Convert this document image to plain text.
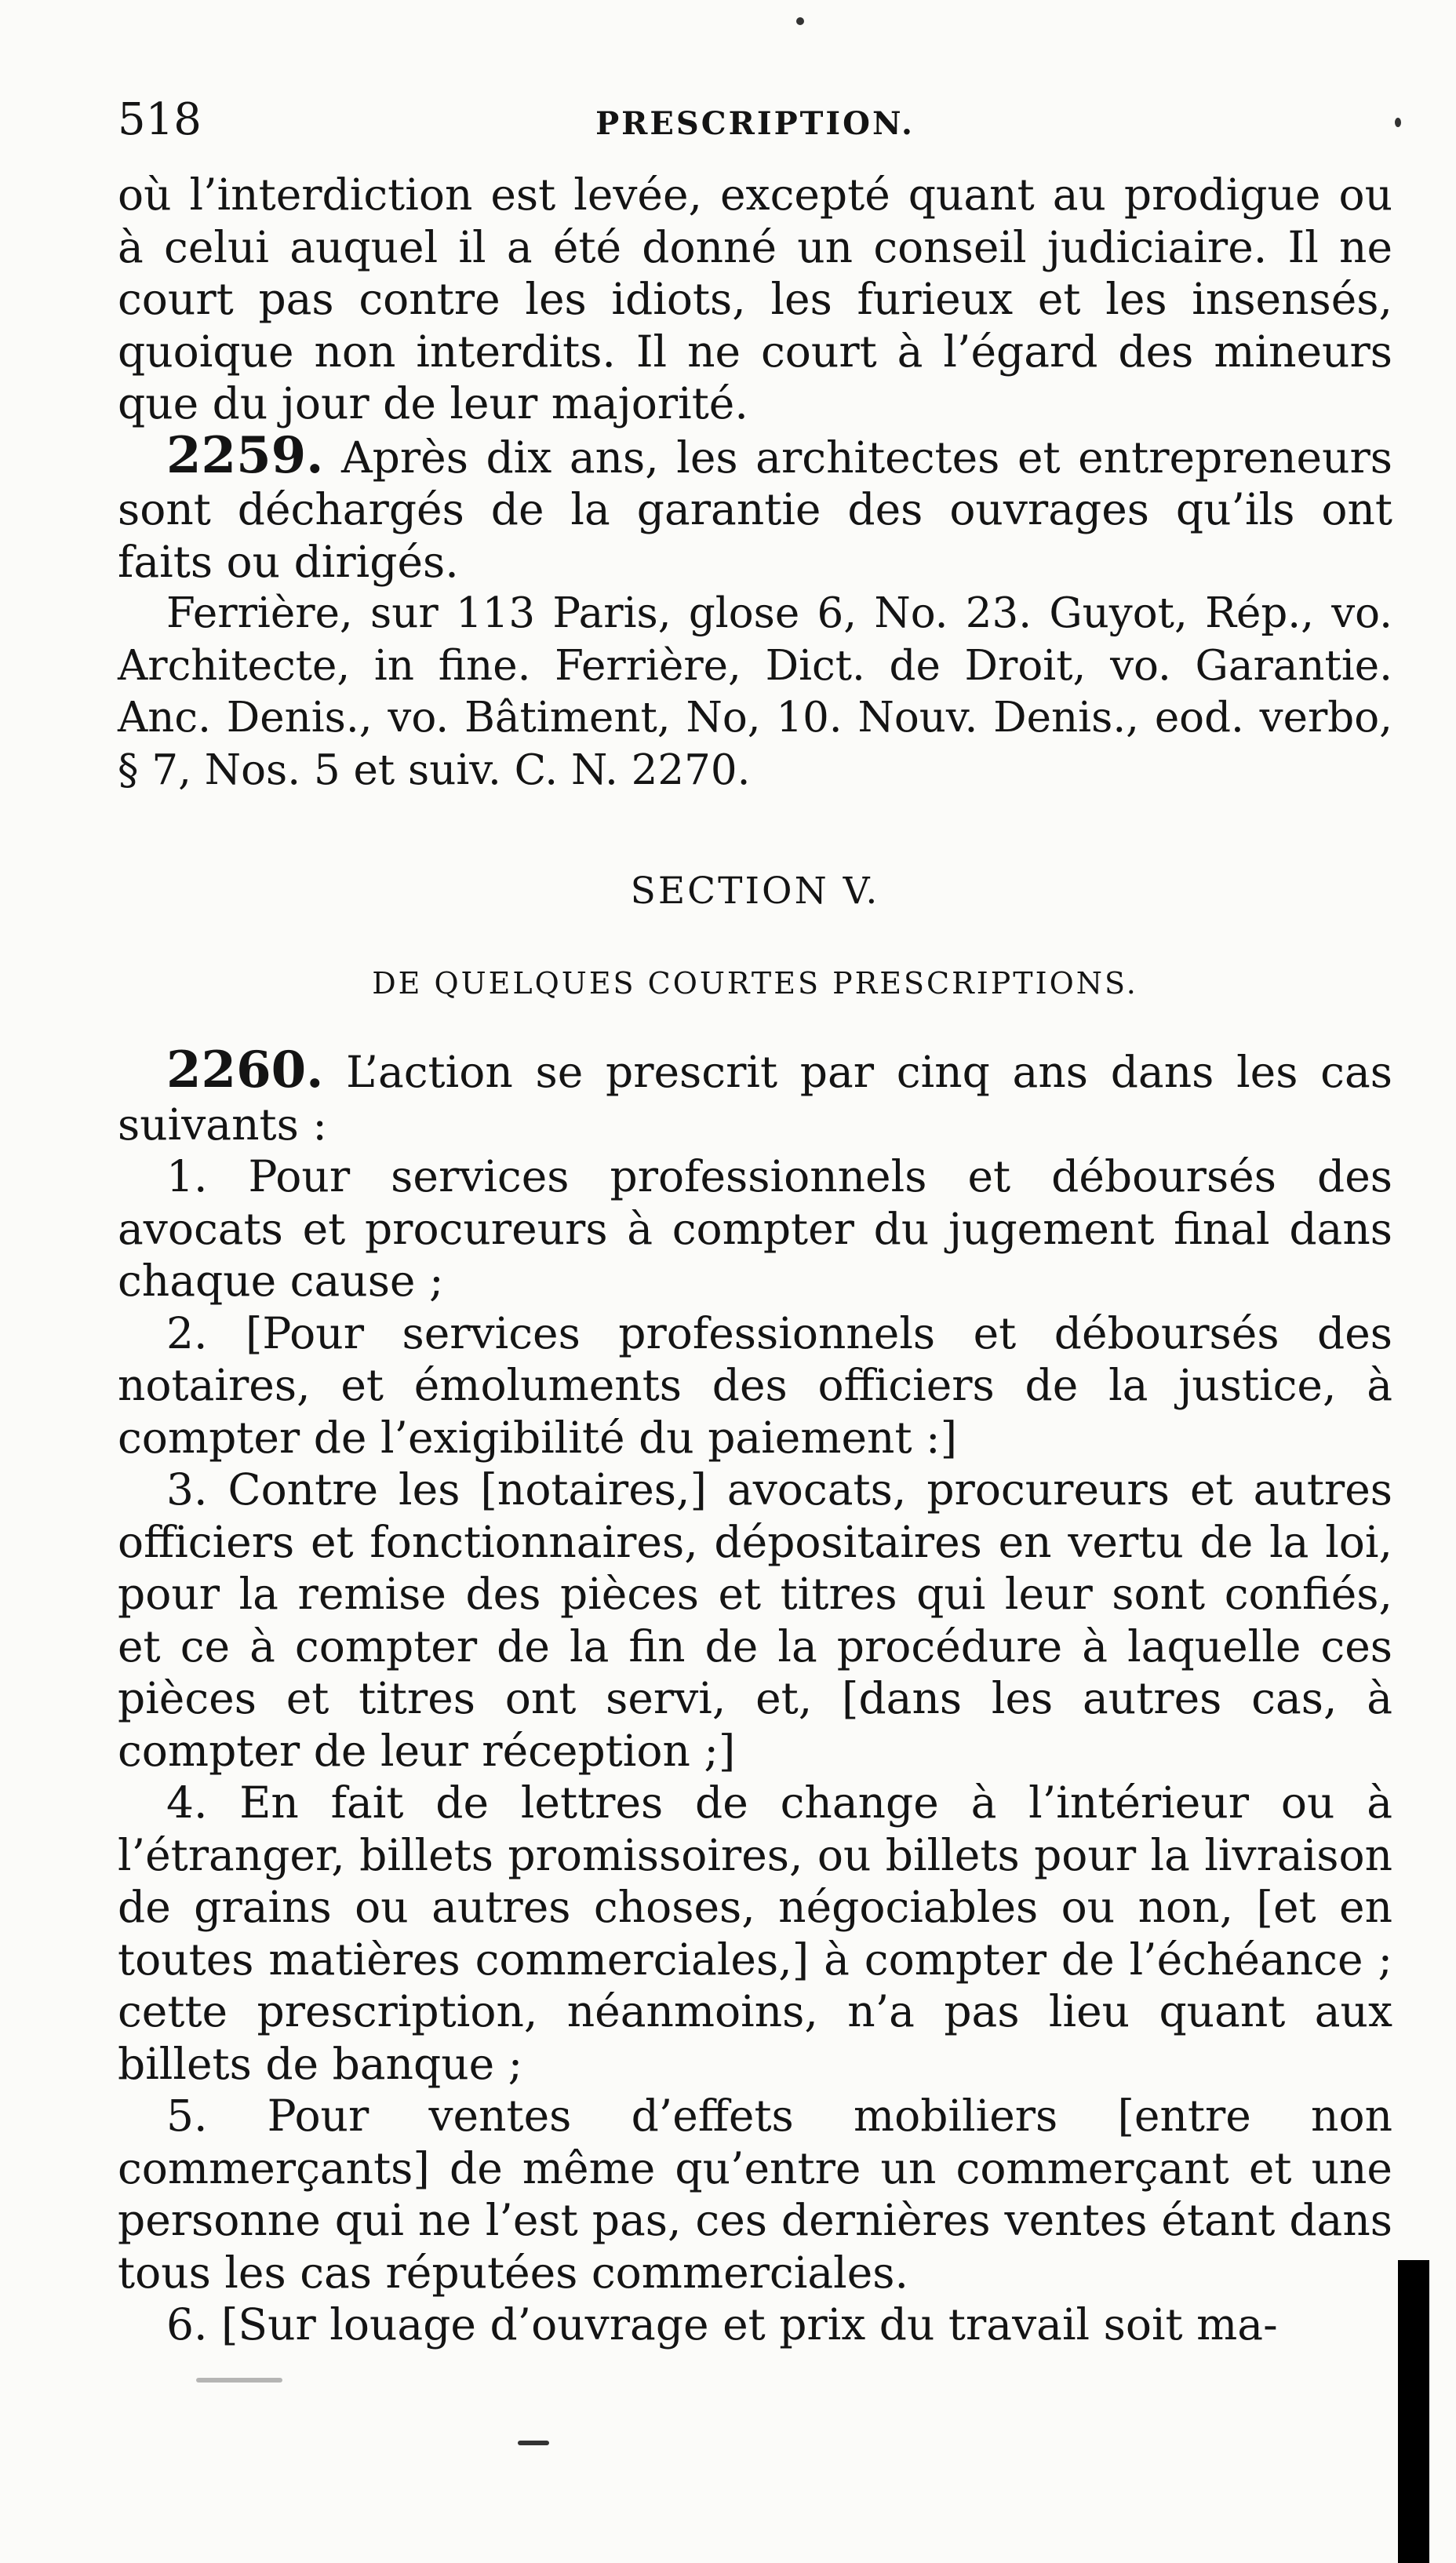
518	PRESCRIPTION.

où l’interdiction est levée, excepté quant au prodigue ou à celui auquel il a été donné un conseil judiciaire. Il ne court pas contre les idiots, les furieux et les insensés, quoique non interdits. Il ne court à l’égard des mineurs que du jour de leur majorité.

2259. Après dix ans, les architectes et entrepreneurs sont déchargés de la garantie des ouvrages qu’ils ont faits ou dirigés.

Ferrière, sur 113 Paris, glose 6, No. 23. Guyot, Rép., vo. Architecte, in fine. Ferrière, Dict. de Droit, vo. Garantie. Anc. Denis., vo. Bâtiment, No, 10. Nouv. Denis., eod. verbo, § 7, Nos. 5 et suiv. C. N. 2270.

SECTION V.
DE QUELQUES COURTES PRESCRIPTIONS.

2260. L’action se prescrit par cinq ans dans les cas suivants :

1. Pour services professionnels et déboursés des avocats et procureurs à compter du jugement final dans chaque cause ;

2. [Pour services professionnels et déboursés des notaires, et émoluments des officiers de la justice, à compter de l’exigibilité du paiement :]

3. Contre les [notaires,] avocats, procureurs et autres officiers et fonctionnaires, dépositaires en vertu de la loi, pour la remise des pièces et titres qui leur sont confiés, et ce à compter de la fin de la procédure à laquelle ces pièces et titres ont servi, et, [dans les autres cas, à compter de leur réception ;]

4. En fait de lettres de change à l’intérieur ou à l’étranger, billets promissoires, ou billets pour la livraison de grains ou autres choses, négociables ou non, [et en toutes matières commerciales,] à compter de l’échéance ; cette prescription, néanmoins, n’a pas lieu quant aux billets de banque ;

5. Pour ventes d’effets mobiliers [entre non commerçants] de même qu’entre un commerçant et une personne qui ne l’est pas, ces dernières ventes étant dans tous les cas réputées commerciales.

6. [Sur louage d’ouvrage et prix du travail soit ma-
